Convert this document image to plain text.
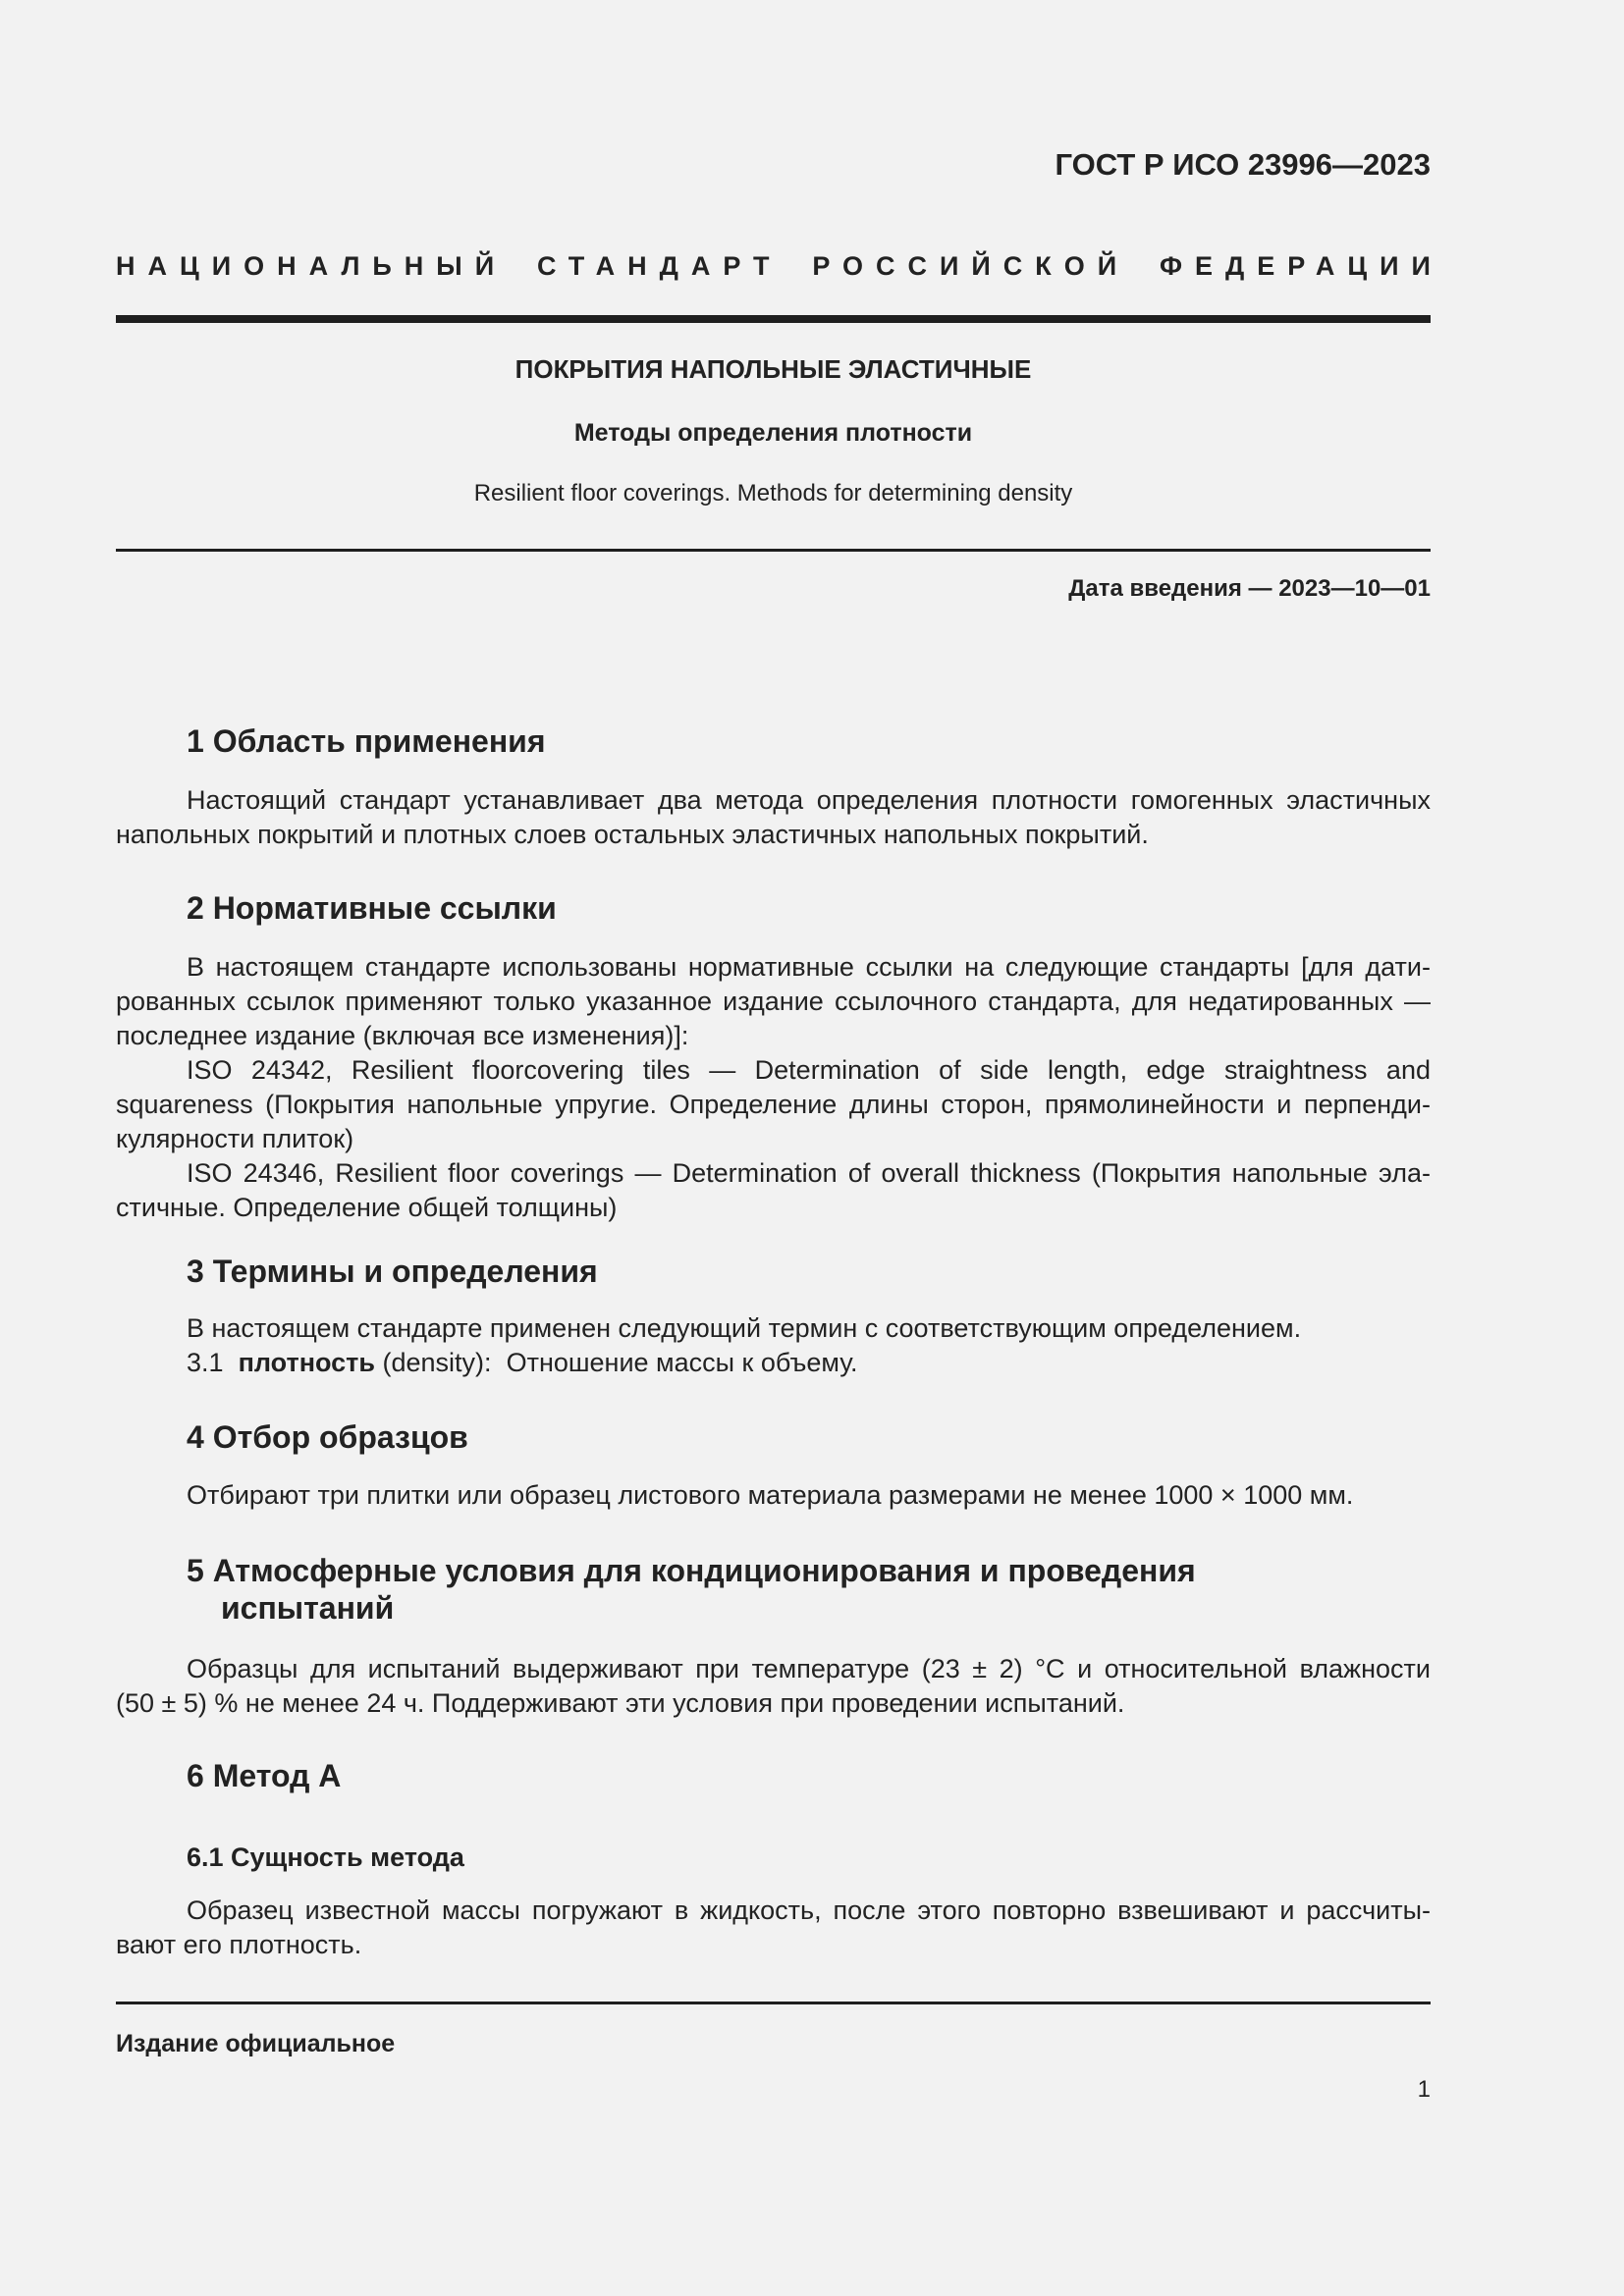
ГОСТ Р ИСО 23996—2023
НАЦИОНАЛЬНЫЙ СТАНДАРТ РОССИЙСКОЙ ФЕДЕРАЦИИ
ПОКРЫТИЯ НАПОЛЬНЫЕ ЭЛАСТИЧНЫЕ
Методы определения плотности
Resilient floor coverings. Methods for determining density
Дата введения — 2023—10—01
1 Область применения
Настоящий стандарт устанавливает два метода определения плотности гомогенных эластичных
напольных покрытий и плотных слоев остальных эластичных напольных покрытий.
2 Нормативные ссылки
В настоящем стандарте использованы нормативные ссылки на следующие стандарты [для дати-
рованных ссылок применяют только указанное издание ссылочного стандарта, для недатированных —
последнее издание (включая все изменения)]:
ISO 24342, Resilient floorcovering tiles — Determination of side length, edge straightness and
squareness (Покрытия напольные упругие. Определение длины сторон, прямолинейности и перпенди-
кулярности плиток)
ISO 24346, Resilient floor coverings — Determination of overall thickness (Покрытия напольные эла-
стичные. Определение общей толщины)
3 Термины и определения
В настоящем стандарте применен следующий термин с соответствующим определением.
3.1 плотность (density): Отношение массы к объему.
4 Отбор образцов
Отбирают три плитки или образец листового материала размерами не менее 1000 × 1000 мм.
5 Атмосферные условия для кондиционирования и проведения
испытаний
Образцы для испытаний выдерживают при температуре (23 ± 2) °С и относительной влажности
(50 ± 5) % не менее 24 ч. Поддерживают эти условия при проведении испытаний.
6 Метод А
6.1 Сущность метода
Образец известной массы погружают в жидкость, после этого повторно взвешивают и рассчиты-
вают его плотность.
Издание официальное
1
